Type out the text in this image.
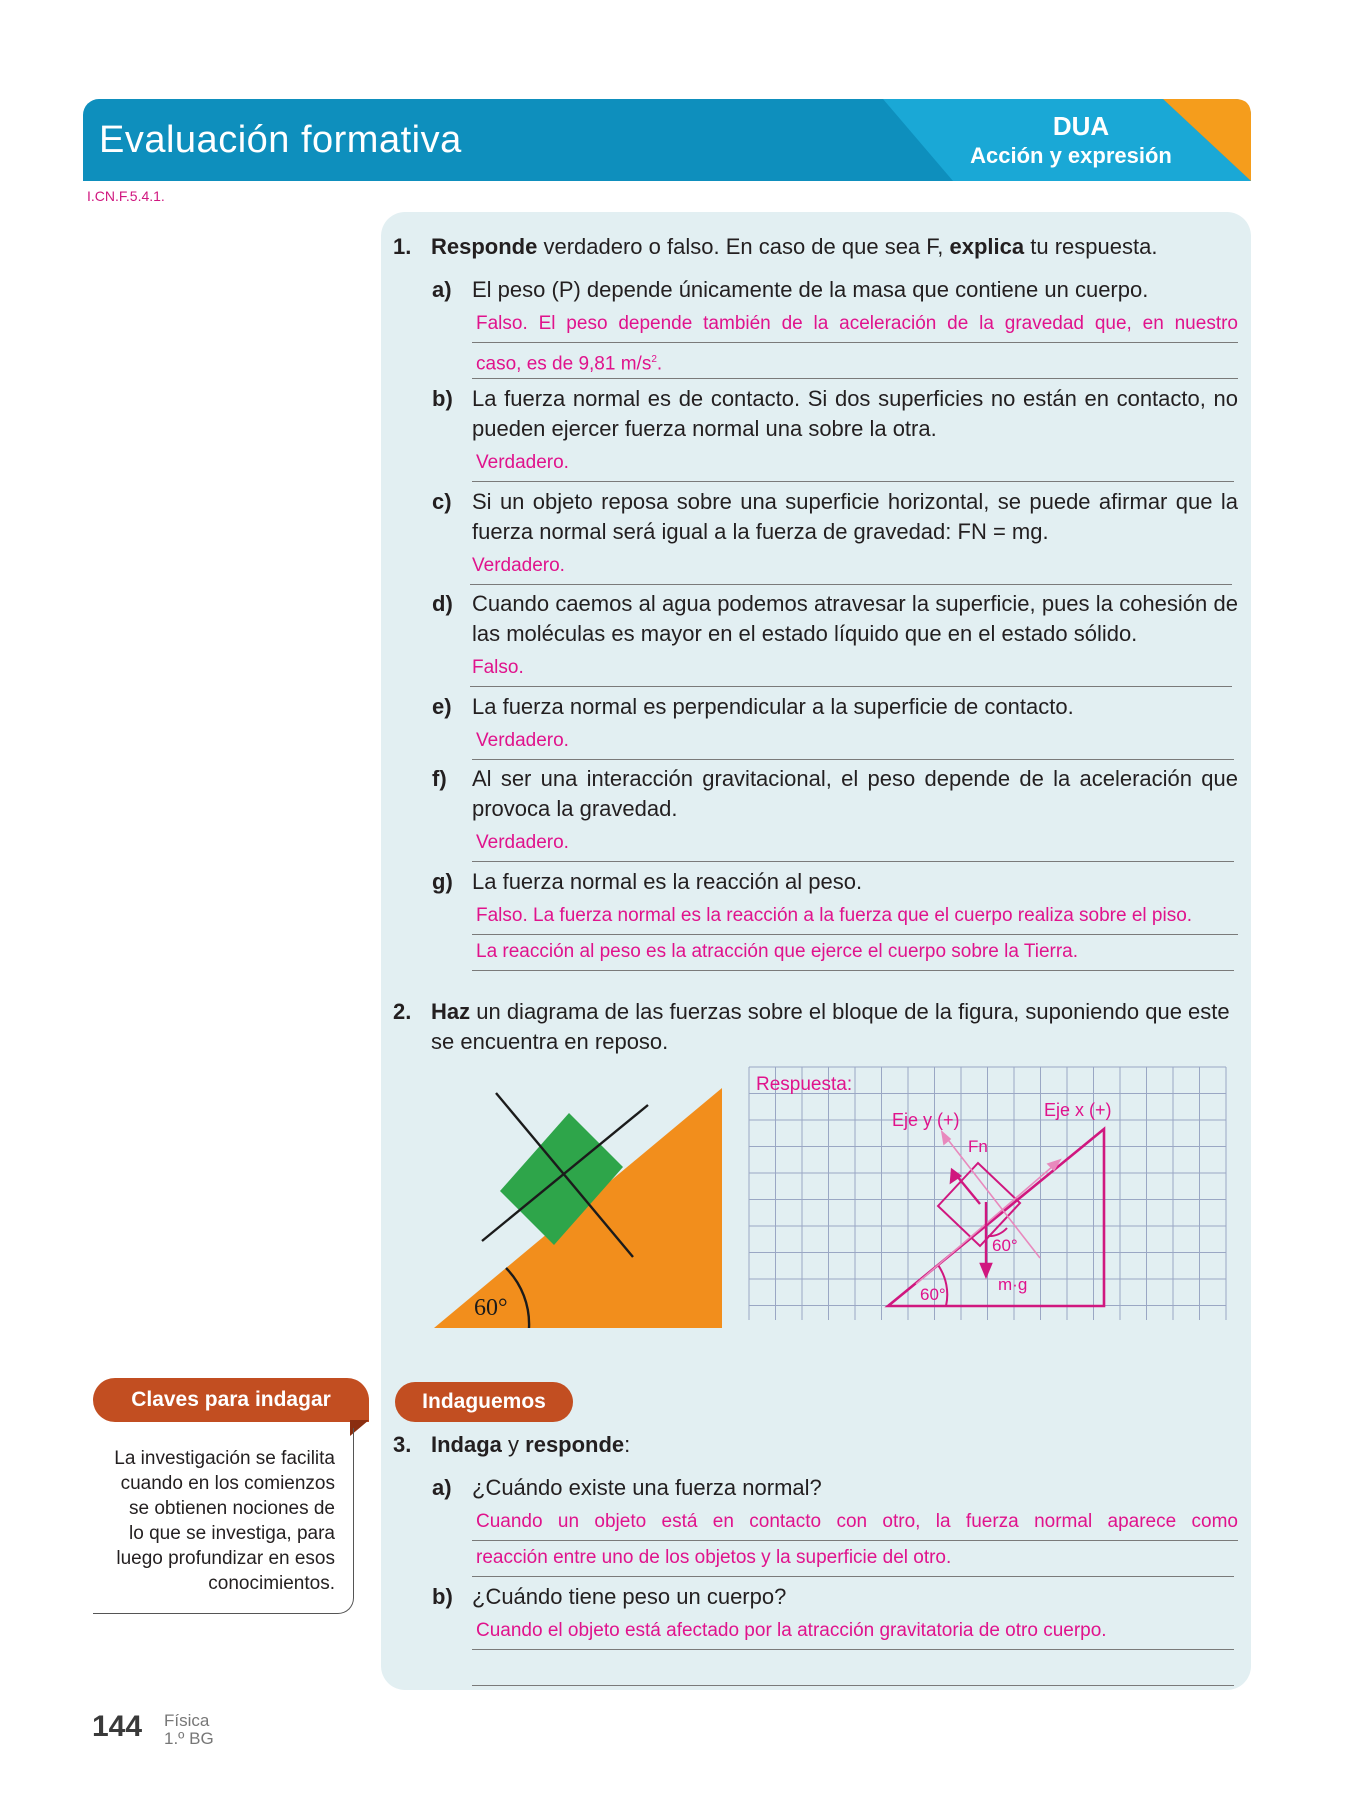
Evaluación formativa	DUA
Acción y expresión
I.CN.F.5.4.1.
1. Responde verdadero o falso. En caso de que sea F, explica tu respuesta.
a) El peso (P) depende únicamente de la masa que contiene un cuerpo.
Falso. El peso depende también de la aceleración de la gravedad que, en nuestro
caso, es de 9,81 $m/s^2$.
b) La fuerza normal es de contacto. Si dos superficies no están en contacto, no pueden ejercer fuerza normal una sobre la otra.
Verdadero.
c) Si un objeto reposa sobre una superficie horizontal, se puede afirmar que la fuerza normal será igual a la fuerza de gravedad: FN = mg.
Verdadero.
d) Cuando caemos al agua podemos atravesar la superficie, pues la cohesión de las moléculas es mayor en el estado líquido que en el estado sólido.
Falso.
e) La fuerza normal es perpendicular a la superficie de contacto.
Verdadero.
f) Al ser una interacción gravitacional, el peso depende de la aceleración que provoca la gravedad.
Verdadero.
g) La fuerza normal es la reacción al peso.
Falso. La fuerza normal es la reacción a la fuerza que el cuerpo realiza sobre el piso.
La reacción al peso es la atracción que ejerce el cuerpo sobre la Tierra.
2. Haz un diagrama de las fuerzas sobre el bloque de la figura, suponiendo que este
se encuentra en reposo.
60°
Respuesta:
Eje y (+)	Eje x (+)
Fn
60°
m·g
60°
Claves para indagar
La investigación se facilita
cuando en los comienzos
se obtienen nociones de
lo que se investiga, para
luego profundizar en esos
conocimientos.
Indaguemos
3. Indaga y responde:
a) ¿Cuándo existe una fuerza normal?
Cuando un objeto está en contacto con otro, la fuerza normal aparece como
reacción entre uno de los objetos y la superficie del otro.
b) ¿Cuándo tiene peso un cuerpo?
Cuando el objeto está afectado por la atracción gravitatoria de otro cuerpo.
144 Física
1.º BG
